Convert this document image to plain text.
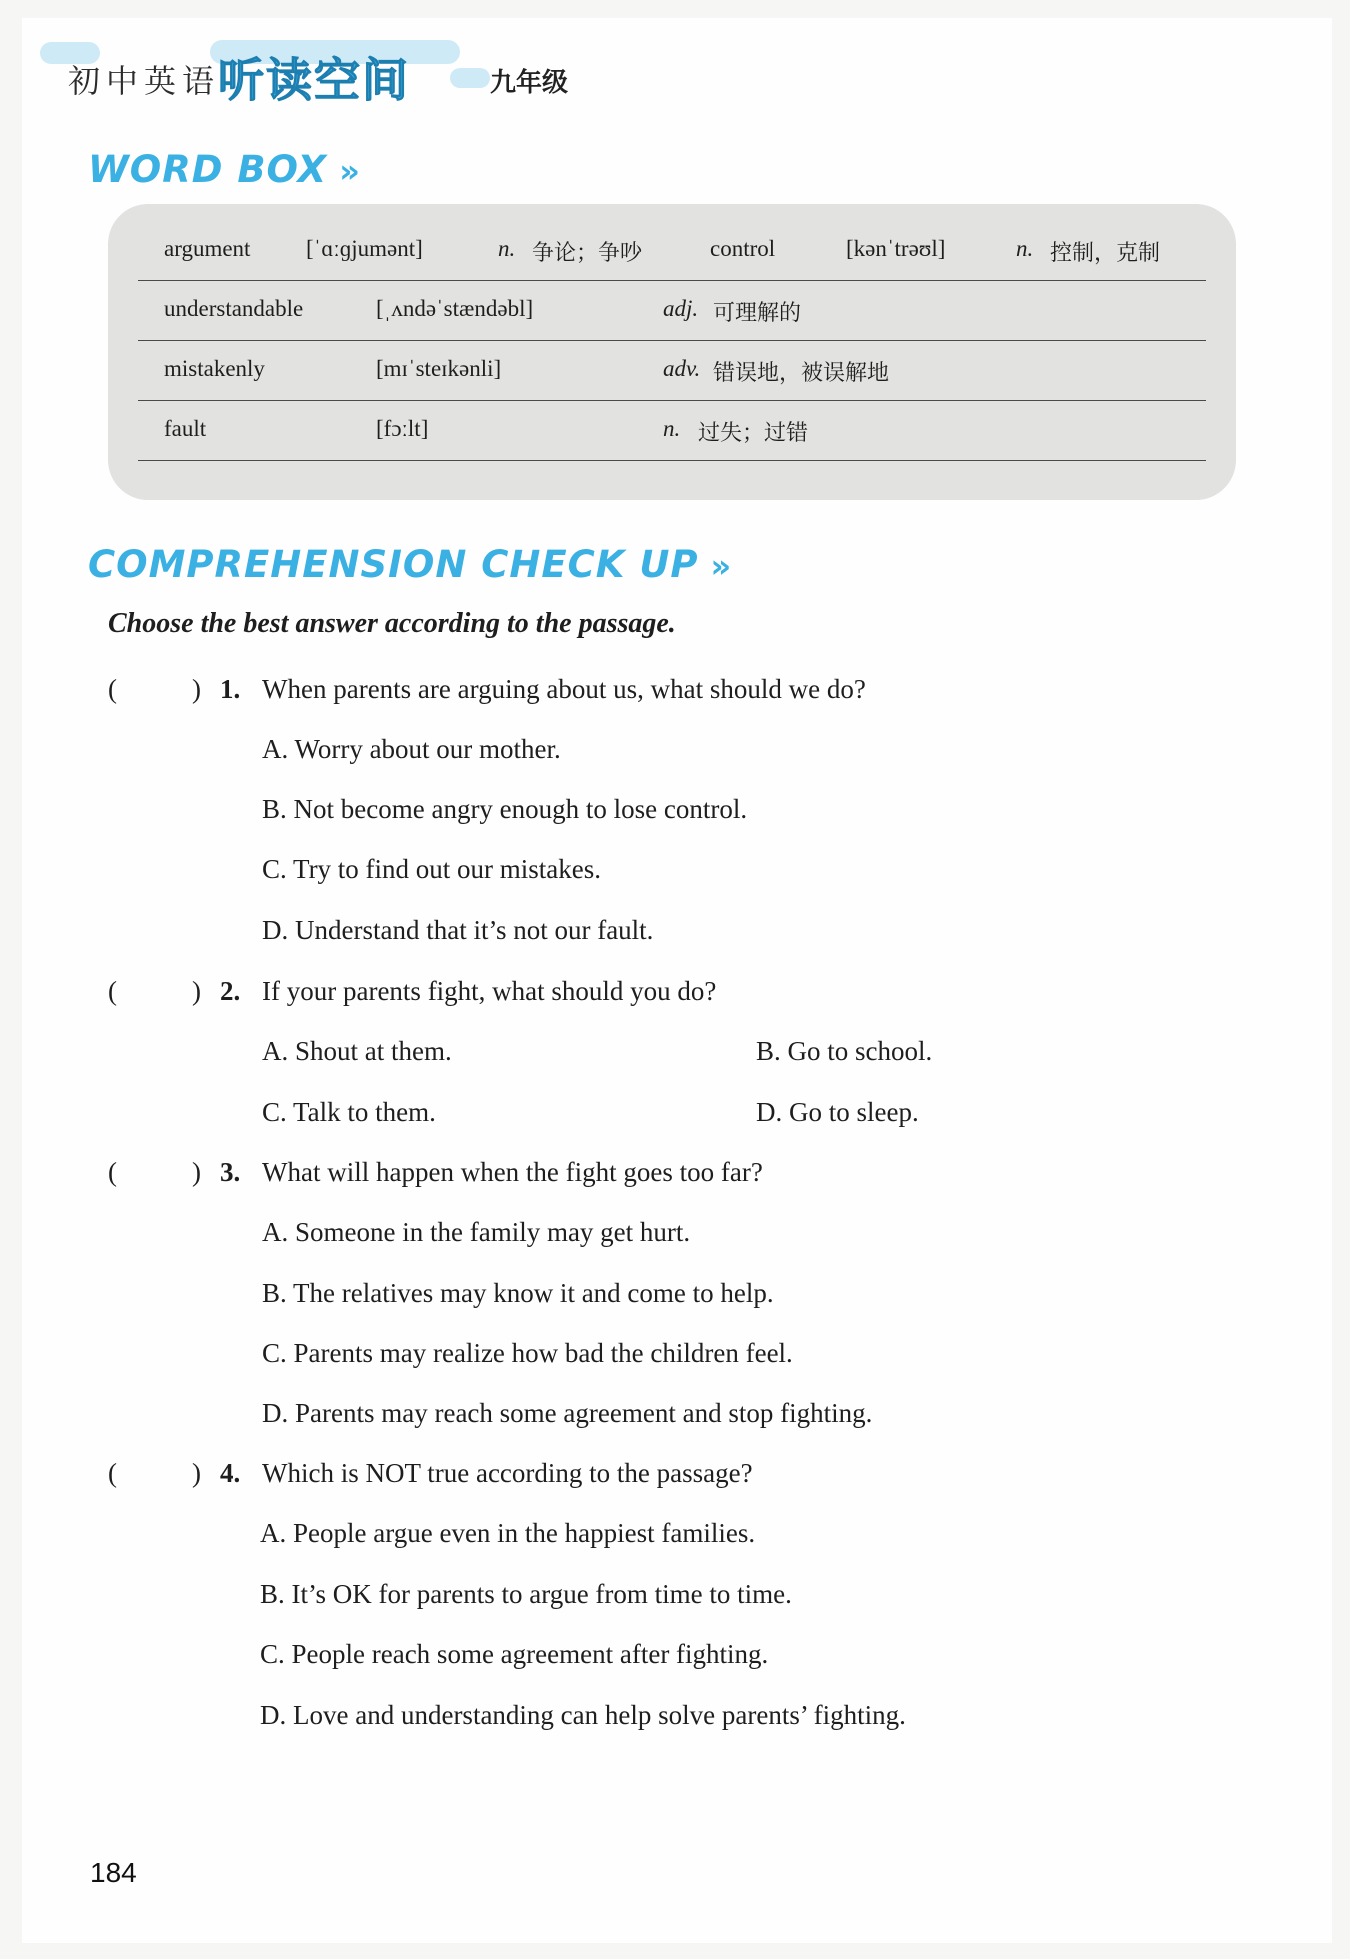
初中英语
听读空间	九年级
WORD BOX »
argument [ˈɑːɡjumənt]	n. 争论；争吵	control	[kənˈtrəʊl]	n. 控制，克制
understandable	[ˌʌndəˈstændəbl]	adj. 可理解的
mistakenly	[mɪˈsteɪkənli]	adv. 错误地，被误解地
fault	[fɔːlt]	n. 过失；过错
COMPREHENSION CHECK UP »
Choose the best answer according to the passage.
(	) 1. When parents are arguing about us, what should we do?
A. Worry about our mother.
B. Not become angry enough to lose control.
C. Try to find out our mistakes.
D. Understand that it’s not our fault.
(	) 2. If your parents fight, what should you do?
A. Shout at them.	B. Go to school.
C. Talk to them.	D. Go to sleep.
(	) 3. What will happen when the fight goes too far?
A. Someone in the family may get hurt.
B. The relatives may know it and come to help.
C. Parents may realize how bad the children feel.
D. Parents may reach some agreement and stop fighting.
(	) 4. Which is NOT true according to the passage?
A. People argue even in the happiest families.
B. It’s OK for parents to argue from time to time.
C. People reach some agreement after fighting.
D. Love and understanding can help solve parents’ fighting.
184
